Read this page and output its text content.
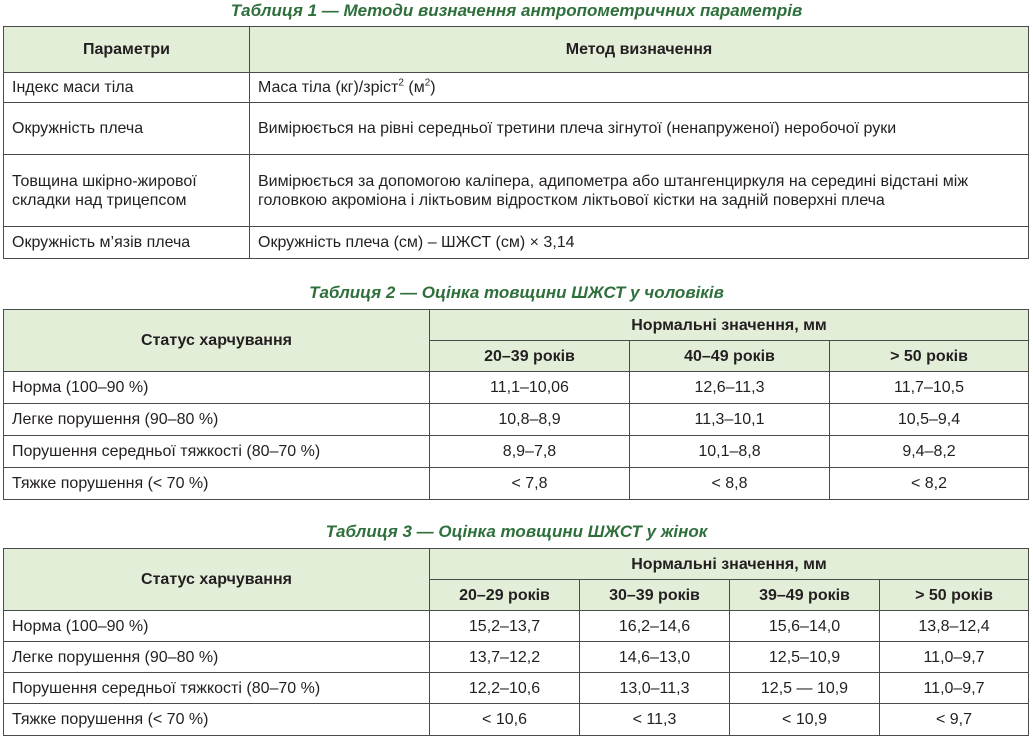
Таблиця 1 — Методи визначення антропометричних параметрів
Параметри	Метод визначення
Індекс маси тіла	Маса тіла (кг)/зріст$^2$ $(м^2)$
Окружність плеча	Вимірюється на рівні середньої третини плеча зігнутої (ненапруженої) неробочої руки
Товщина шкірно-жирової складки над трицепсом	Вимірюється за допомогою каліпера, адипометра або штангенциркуля на середині відстані між головкою акроміона і ліктьовим відростком ліктьової кістки на задній поверхні плеча
Окружність м’язів плеча	Окружність плеча (см) – ШЖСТ (см) × 3,14
Таблиця 2 — Оцінка товщини ШЖСТ у чоловіків
Статус харчування	Нормальні значення, мм		
	20–39 років	40–49 років	> 50 років
Норма (100–90 %)	11,1–10,06	12,6–11,3	11,7–10,5
Легке порушення (90–80 %)	10,8–8,9	11,3–10,1	10,5–9,4
Порушення середньої тяжкості (80–70 %)	8,9–7,8	10,1–8,8	9,4–8,2
Тяжке порушення (< 70 %)	< 7,8	< 8,8	< 8,2
Таблиця 3 — Оцінка товщини ШЖСТ у жінок
Статус харчування	Нормальні значення, мм			
	20–29 років	30–39 років	39–49 років	> 50 років
Норма (100–90 %)	15,2–13,7	16,2–14,6	15,6–14,0	13,8–12,4
Легке порушення (90–80 %)	13,7–12,2	14,6–13,0	12,5–10,9	11,0–9,7
Порушення середньої тяжкості (80–70 %)	12,2–10,6	13,0–11,3	12,5 — 10,9	11,0–9,7
Тяжке порушення (< 70 %)	< 10,6	< 11,3	< 10,9	< 9,7
